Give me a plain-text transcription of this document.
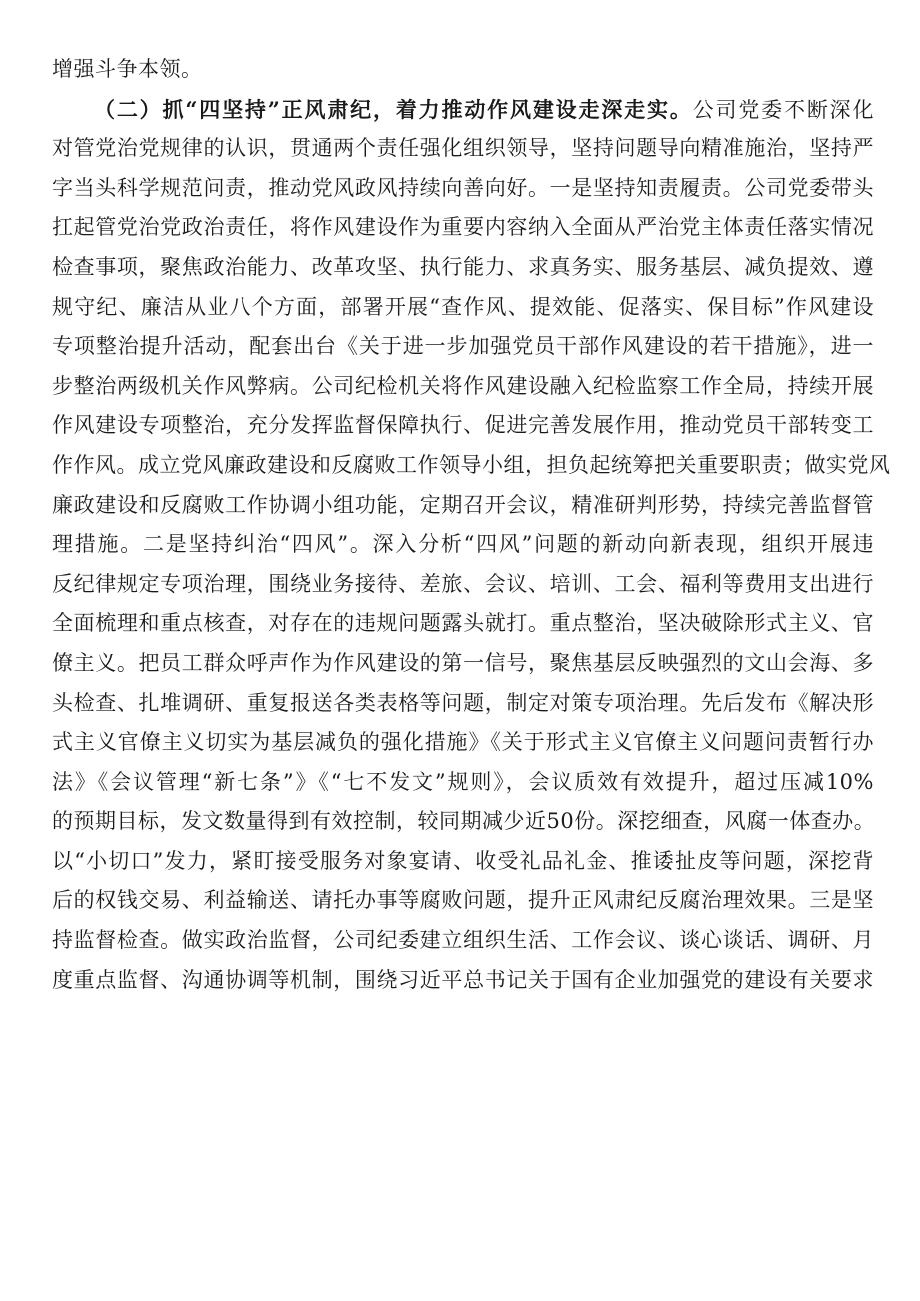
增强斗争本领。
（二）抓“四坚持”正风肃纪，着力推动作风建设走深走实。公司党委不断深化
对管党治党规律的认识，贯通两个责任强化组织领导，坚持问题导向精准施治，坚持严
字当头科学规范问责，推动党风政风持续向善向好。一是坚持知责履责。公司党委带头
扛起管党治党政治责任，将作风建设作为重要内容纳入全面从严治党主体责任落实情况
检查事项，聚焦政治能力、改革攻坚、执行能力、求真务实、服务基层、减负提效、遵
规守纪、廉洁从业八个方面，部署开展“查作风、提效能、促落实、保目标”作风建设
专项整治提升活动，配套出台《关于进一步加强党员干部作风建设的若干措施》，进一
步整治两级机关作风弊病。公司纪检机关将作风建设融入纪检监察工作全局，持续开展
作风建设专项整治，充分发挥监督保障执行、促进完善发展作用，推动党员干部转变工
作作风。成立党风廉政建设和反腐败工作领导小组，担负起统筹把关重要职责；做实党风
廉政建设和反腐败工作协调小组功能，定期召开会议，精准研判形势，持续完善监督管
理措施。二是坚持纠治“四风”。深入分析“四风”问题的新动向新表现，组织开展违
反纪律规定专项治理，围绕业务接待、差旅、会议、培训、工会、福利等费用支出进行
全面梳理和重点核查，对存在的违规问题露头就打。重点整治，坚决破除形式主义、官
僚主义。把员工群众呼声作为作风建设的第一信号，聚焦基层反映强烈的文山会海、多
头检查、扎堆调研、重复报送各类表格等问题，制定对策专项治理。先后发布《解决形
式主义官僚主义切实为基层减负的强化措施》《关于形式主义官僚主义问题问责暂行办
法》《会议管理“新七条”》《“七不发文”规则》，会议质效有效提升，超过压减10%
的预期目标，发文数量得到有效控制，较同期减少近50份。深挖细查，风腐一体查办。
以“小切口”发力，紧盯接受服务对象宴请、收受礼品礼金、推诿扯皮等问题，深挖背
后的权钱交易、利益输送、请托办事等腐败问题，提升正风肃纪反腐治理效果。三是坚
持监督检查。做实政治监督，公司纪委建立组织生活、工作会议、谈心谈话、调研、月
度重点监督、沟通协调等机制，围绕习近平总书记关于国有企业加强党的建设有关要求
